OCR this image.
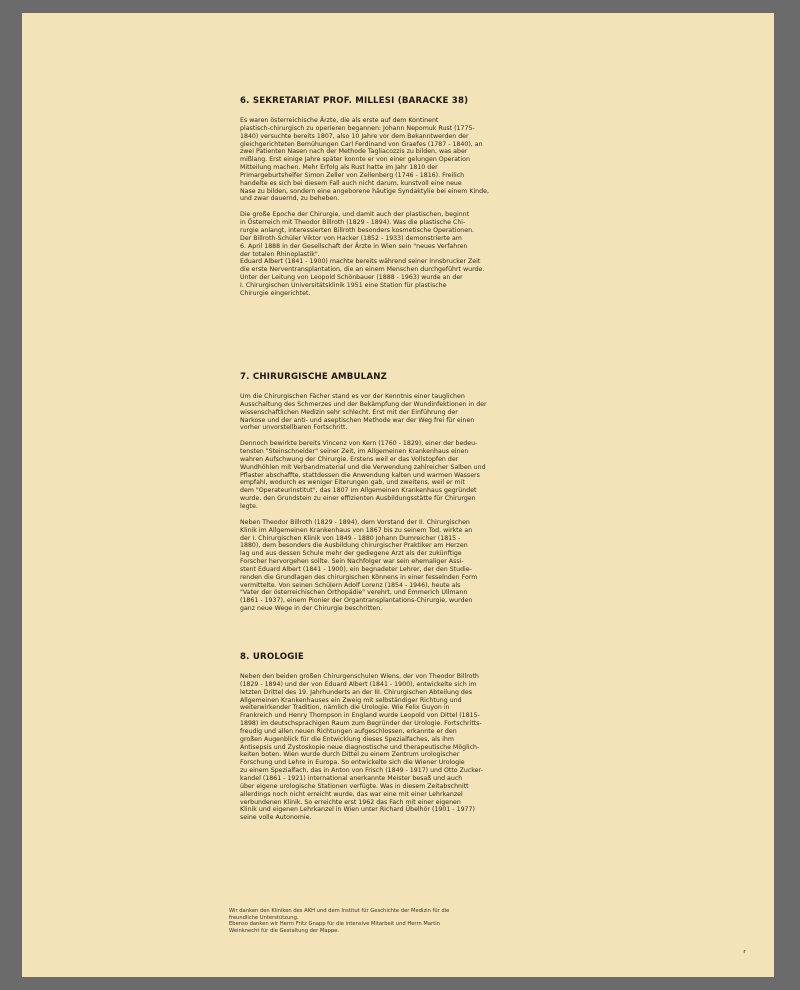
6. SEKRETARIAT PROF. MILLESI (BARACKE 38)
Es waren österreichische Ärzte, die als erste auf dem Kontinent
plastisch-chirurgisch zu operieren begannen: Johann Nepomuk Rust (1775-
1840) versuchte bereits 1807, also 10 Jahre vor dem Bekanntwerden der
gleichgerichteten Bemühungen Carl Ferdinand von Graefes (1787 - 1840), an
zwei Patienten Nasen nach der Methode Tagliacozzis zu bilden, was aber
mißlang. Erst einige Jahre später konnte er von einer gelungen Operation
Mitteilung machen. Mehr Erfolg als Rust hatte im Jahr 1810 der
Primargeburtshelfer Simon Zeller von Zellenberg (1746 - 1816). Freilich
handelte es sich bei diesem Fall auch nicht darum, kunstvoll eine neue
Nase zu bilden, sondern eine angeborene häutige Syndaktylie bei einem Kinde,
und zwar dauernd, zu beheben.
Die große Epoche der Chirurgie, und damit auch der plastischen, beginnt
in Österreich mit Theodor Billroth (1829 - 1894). Was die plastische Chi-
rurgie anlangt, interessierten Billroth besonders kosmetische Operationen.
Der Billroth-Schüler Viktor von Hacker (1852 - 1933) demonstrierte am
6. April 1888 in der Gesellschaft der Ärzte in Wien sein "neues Verfahren
der totalen Rhinoplastik".
Eduard Albert (1841 - 1900) machte bereits während seiner Innsbrucker Zeit
die erste Nerventransplantation, die an einem Menschen durchgeführt wurde.
Unter der Leitung von Leopold Schönbauer (1888 - 1963) wurde an der
I. Chirurgischen Universitätsklinik 1951 eine Station für plastische
Chirurgie eingerichtet.
7. CHIRURGISCHE AMBULANZ
Um die Chirurgischen Fächer stand es vor der Kenntnis einer tauglichen
Ausschaltung des Schmerzes und der Bekämpfung der Wundinfektionen in der
wissenschaftlichen Medizin sehr schlecht. Erst mit der Einführung der
Narkose und der anti- und aseptischen Methode war der Weg frei für einen
vorher unvorstellbaren Fortschritt.
Dennoch bewirkte bereits Vincenz von Kern (1760 - 1829), einer der bedeu-
tensten "Steinschneider" seiner Zeit, im Allgemeinen Krankenhaus einen
wahren Aufschwung der Chirurgie. Erstens weil er das Vollstopfen der
Wundhöhlen mit Verbandmaterial und die Verwendung zahlreicher Salben und
Pflaster abschaffte, stattdessen die Anwendung kalten und warmen Wassers
empfahl, wodurch es weniger Eiterungen gab, und zweitens, weil er mit
dem "Operateurinstitut", das 1807 im Allgemeinen Krankenhaus gegründet
wurde, den Grundstein zu einer effizienten Ausbildungsstätte für Chirurgen
legte.
Neben Theodor Billroth (1829 - 1894), dem Vorstand der II. Chirurgischen
Klinik im Allgemeinen Krankenhaus von 1867 bis zu seinem Tod, wirkte an
der I. Chirurgischen Klinik von 1849 - 1880 Johann Dumreicher (1815 -
1880), dem besonders die Ausbildung chirurgischer Praktiker am Herzen
lag und aus dessen Schule mehr der gediegene Arzt als der zukünftige
Forscher hervorgehen sollte. Sein Nachfolger war sein ehemaliger Assi-
stent Eduard Albert (1841 - 1900), ein begnadeter Lehrer, der den Studie-
renden die Grundlagen des chirurgischen Könnens in einer fesselnden Form
vermittelte. Von seinen Schülern Adolf Lorenz (1854 - 1946), heute als
"Vater der österreichischen Orthopädie" verehrt, und Emmerich Ullmann
(1861 - 1937), einem Pionier der Organtransplantations-Chirurgie, wurden
ganz neue Wege in der Chirurgie beschritten.
8. UROLOGIE
Neben den beiden großen Chirurgenschulen Wiens, der von Theodor Billroth
(1829 - 1894) und der von Eduard Albert (1841 - 1900), entwickelte sich im
letzten Drittel des 19. Jahrhunderts an der III. Chirurgischen Abteilung des
Allgemeinen Krankenhauses ein Zweig mit selbständiger Richtung und
weiterwirkender Tradition, nämlich die Urologie. Wie Felix Guyon in
Frankreich und Henry Thompson in England wurde Leopold von Dittel (1815-
1898) im deutschsprachigen Raum zum Begründer der Urologie. Fortschritts-
freudig und allen neuen Richtungen aufgeschlossen, erkannte er den
großen Augenblick für die Entwicklung dieses Spezialfaches, als ihm
Antisepsis und Zystoskopie neue diagnostische und therapeutische Möglich-
keiten boten. Wien wurde durch Dittel zu einem Zentrum urologischer
Forschung und Lehre in Europa. So entwickelte sich die Wiener Urologie
zu einem Spezialfach, das in Anton von Frisch (1849 - 1917) und Otto Zucker-
kandel (1861 - 1921) international anerkannte Meister besaß und auch
über eigene urologische Stationen verfügte. Was in diesem Zeitabschnitt
allerdings noch nicht erreicht wurde, das war eine mit einer Lehrkanzel
verbundenen Klinik. So erreichte erst 1962 das Fach mit einer eigenen
Klinik und eigenen Lehrkanzel in Wien unter Richard Übelhör (1901 - 1977)
seine volle Autonomie.
Wir danken den Kliniken des AKH und dem Institut für Geschichte der Medizin für die
freundliche Unterstützung.
Ebenso danken wir Herrn Fritz Gnapp für die intensive Mitarbeit und Herrn Martin
Weinknecht für die Gestaltung der Mappe.
⸢
